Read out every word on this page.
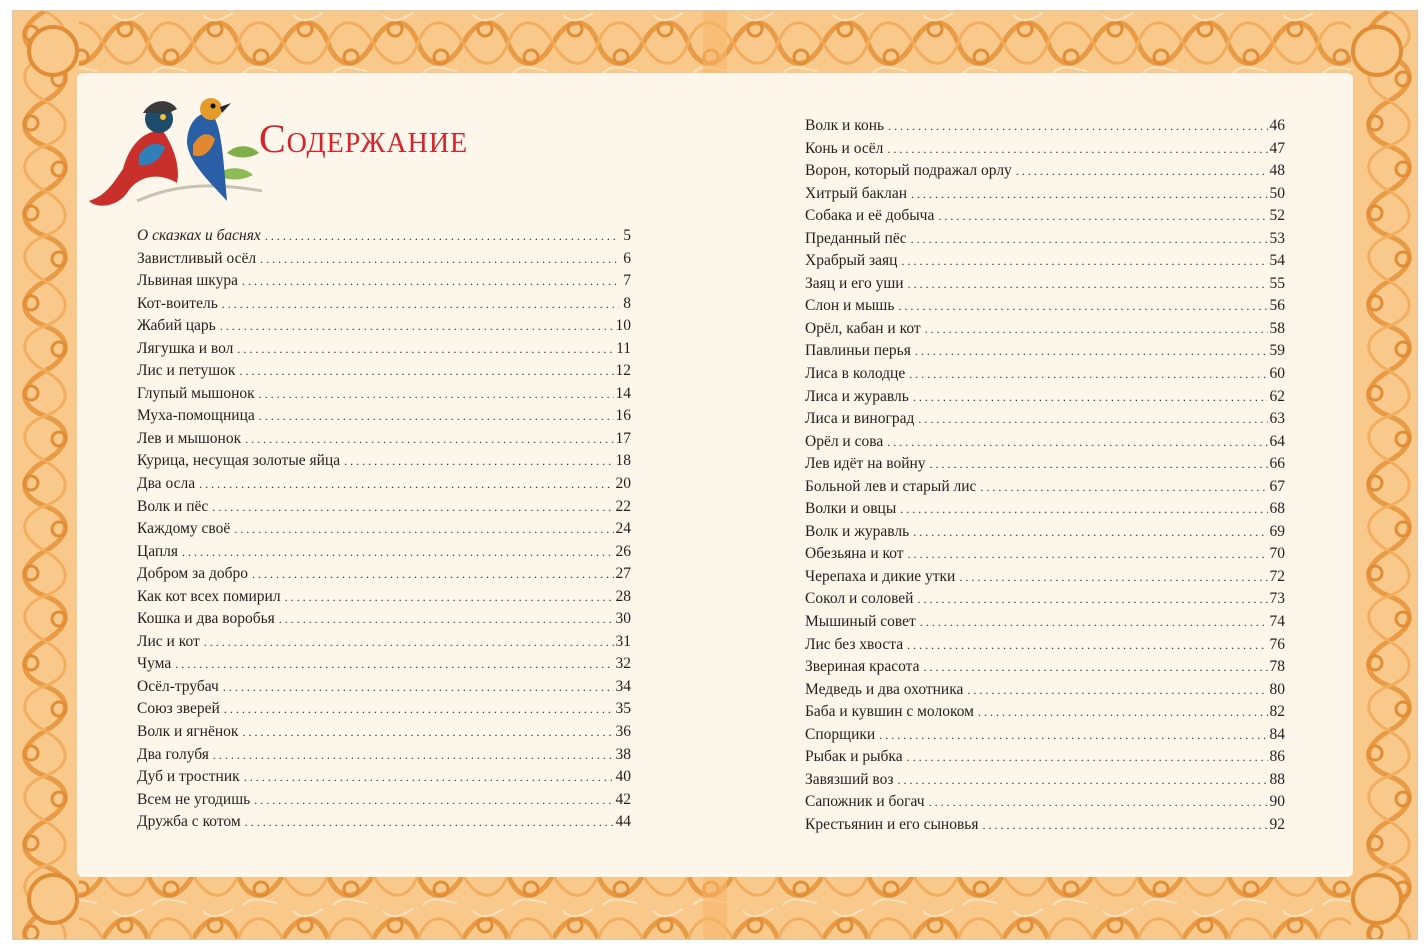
Содержание
О сказках и баснях . . .	5
Завистливый осёл . . .	6
Львиная шкура . . .	7
Кот-воитель . . .	8
Жабий царь . . .	10
Лягушка и вол . . .	11
Лис и петушок . . .	12
Глупый мышонок . . .	14
Муха-помощница . . .	16
Лев и мышонок . . .	17
Курица, несущая золотые яйца . . .	18
Два осла . . .	20
Волк и пёс . . .	22
Каждому своё . . .	24
Цапля . . .	26
Добром за добро . . .	27
Как кот всех помирил . . .	28
Кошка и два воробья . . .	30
Лис и кот . . .	31
Чума . . .	32
Осёл-трубач . . .	34
Союз зверей . . .	35
Волк и ягнёнок . . .	36
Два голубя . . .	38
Дуб и тростник . . .	40
Всем не угодишь . . .	42
Дружба с котом . . .	44
Волк и конь . . .	46
Конь и осёл . . .	47
Ворон, который подражал орлу . . .	48
Хитрый баклан . . .	50
Собака и её добыча . . .	52
Преданный пёс . . .	53
Храбрый заяц . . .	54
Заяц и его уши . . .	55
Слон и мышь . . .	56
Орёл, кабан и кот . . .	58
Павлиньи перья . . .	59
Лиса в колодце . . .	60
Лиса и журавль . . .	62
Лиса и виноград . . .	63
Орёл и сова . . .	64
Лев идёт на войну . . .	66
Больной лев и старый лис . . .	67
Волки и овцы . . .	68
Волк и журавль . . .	69
Обезьяна и кот . . .	70
Черепаха и дикие утки . . .	72
Сокол и соловей . . .	73
Мышиный совет . . .	74
Лис без хвоста . . .	76
Звериная красота . . .	78
Медведь и два охотника . . .	80
Баба и кувшин с молоком . . .	82
Спорщики . . .	84
Рыбак и рыбка . . .	86
Завязший воз . . .	88
Сапожник и богач . . .	90
Крестьянин и его сыновья . . .	92
